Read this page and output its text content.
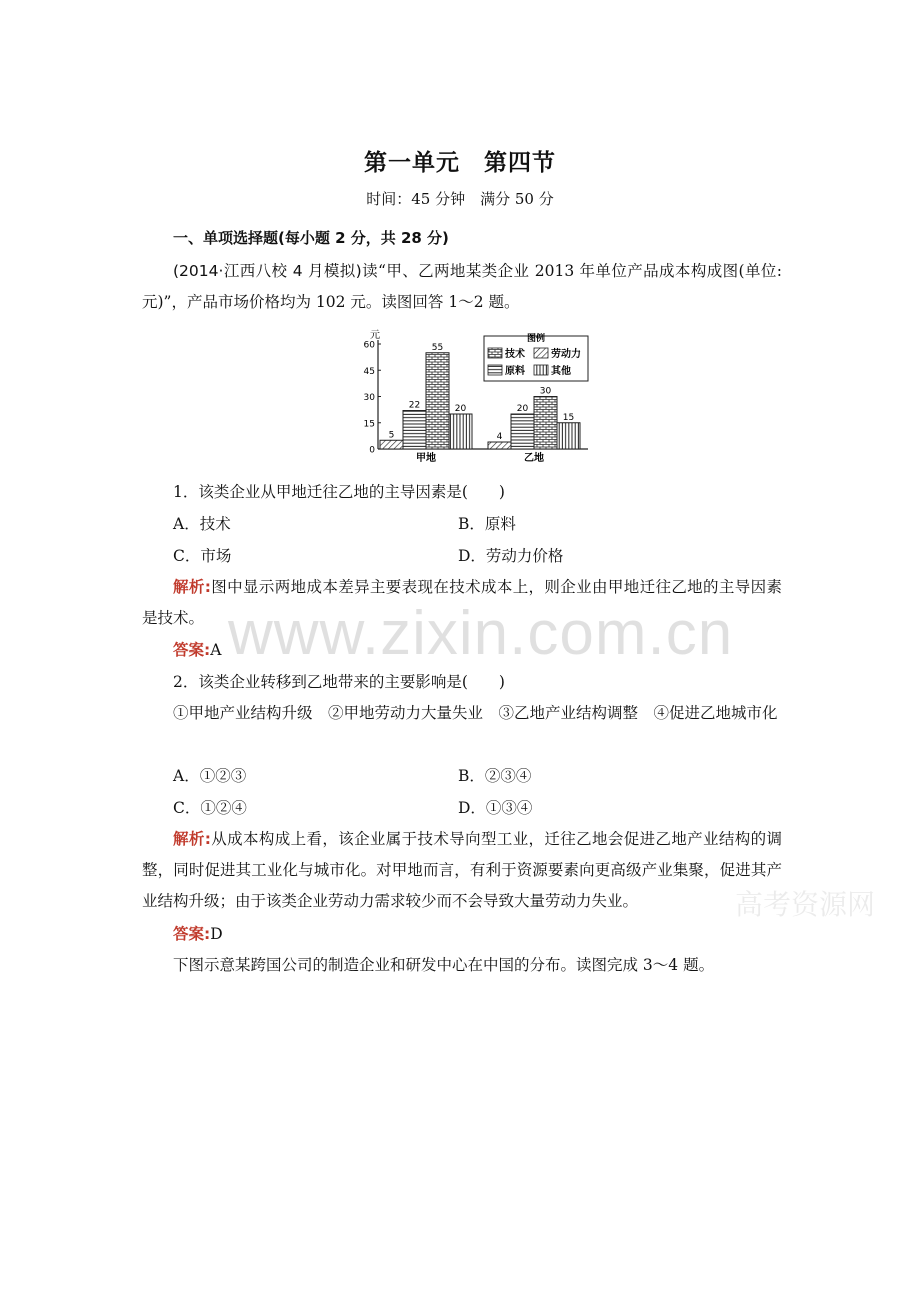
第一单元　第四节
时间：45 分钟　满分 50 分
一、单项选择题(每小题 2 分，共 28 分)
(2014·江西八校 4 月模拟)读“甲、乙两地某类企业 2013 年单位产品成本构成图(单位:元)”，产品市场价格均为 102 元。读图回答 1～2 题。
元
0
15
30
45
60
5
22
55
20
甲地
4
20
30
15
乙地
图例
技术	劳动力
原料	其他
1．该类企业从甲地迁往乙地的主导因素是(　　)
A．技术	B．原料
C．市场	D．劳动力价格
解析:图中显示两地成本差异主要表现在技术成本上，则企业由甲地迁往乙地的主导因素是技术。
答案:A
2．该类企业转移到乙地带来的主要影响是(　　)
①甲地产业结构升级　②甲地劳动力大量失业　③乙地产业结构调整　④促进乙地城市化
A．①②③	B．②③④
C．①②④	D．①③④
解析:从成本构成上看，该企业属于技术导向型工业，迁往乙地会促进乙地产业结构的调整，同时促进其工业化与城市化。对甲地而言，有利于资源要素向更高级产业集聚，促进其产业结构升级；由于该类企业劳动力需求较少而不会导致大量劳动力失业。
答案:D
下图示意某跨国公司的制造企业和研发中心在中国的分布。读图完成 3～4 题。
www.zixin.com.cn
高考资源网
